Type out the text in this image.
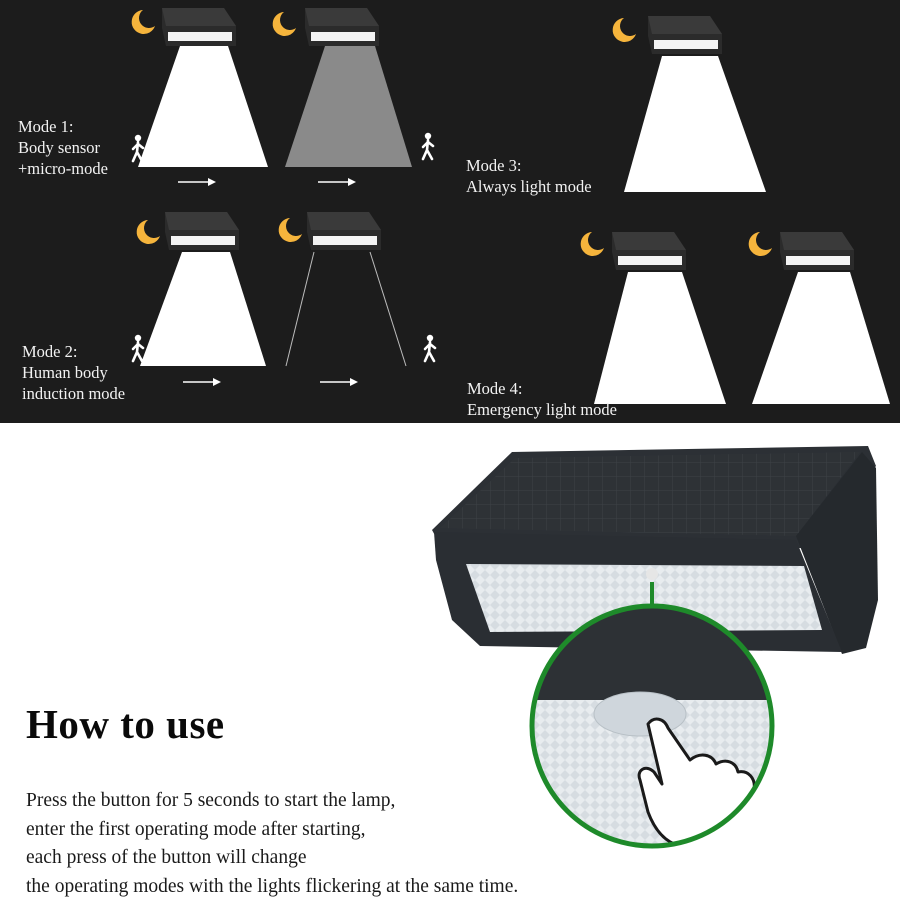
Mode 1:
Body sensor
+micro-mode

Mode 2:
Human body
induction mode

Mode 3:
Always light mode

Mode 4:
Emergency light mode

How to use

Press the button for 5 seconds to start the lamp,
enter the first operating mode after starting,
each press of the button will change
the operating modes with the lights flickering at the same time.
